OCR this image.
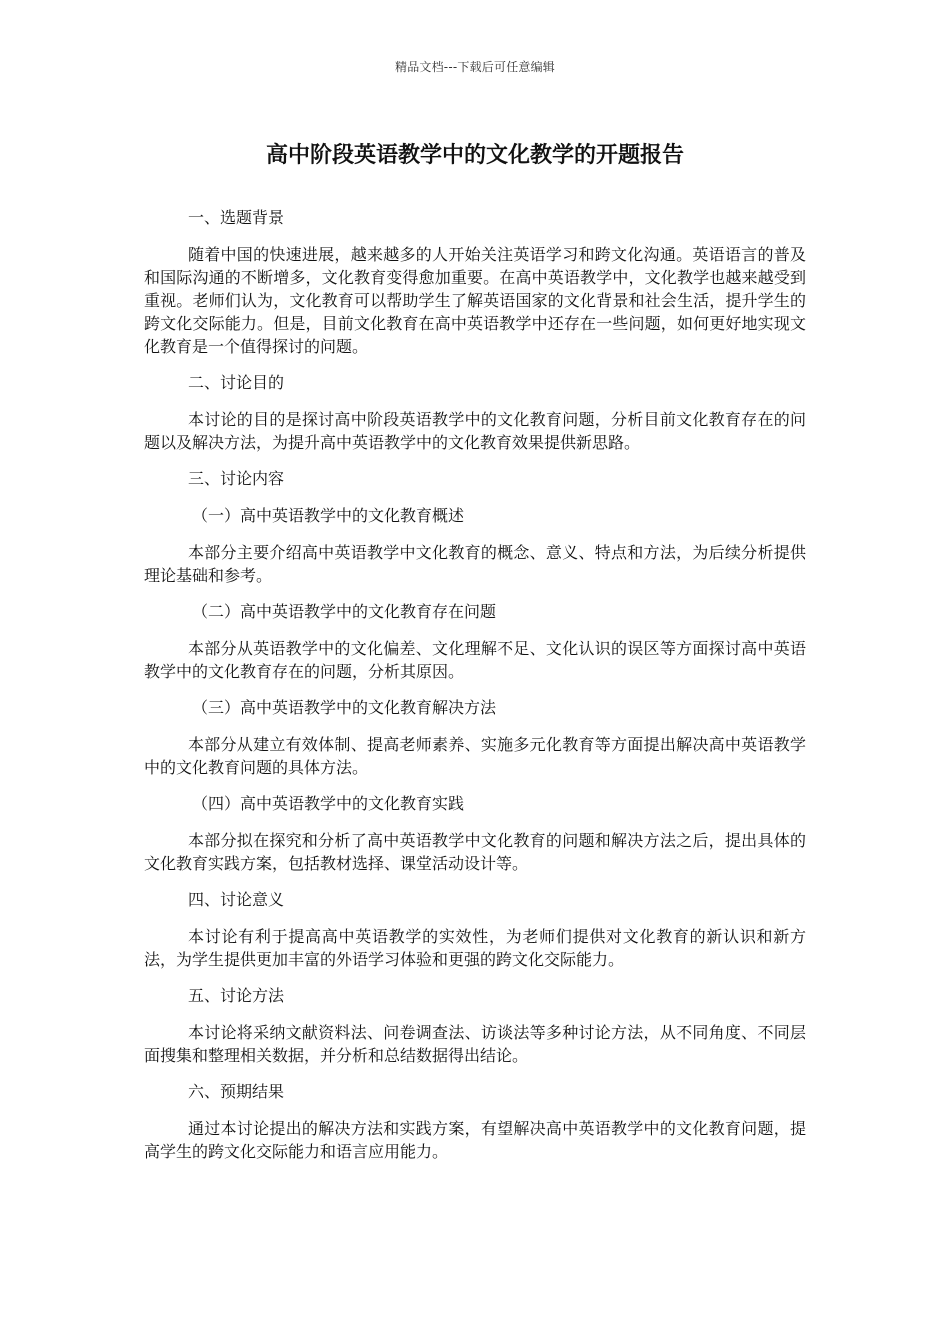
精品文档---下载后可任意编辑
高中阶段英语教学中的文化教学的开题报告

一、选题背景

随着中国的快速进展，越来越多的人开始关注英语学习和跨文化沟通。英语语言的普及和国际沟通的不断增多，文化教育变得愈加重要。在高中英语教学中，文化教学也越来越受到重视。老师们认为，文化教育可以帮助学生了解英语国家的文化背景和社会生活，提升学生的跨文化交际能力。但是，目前文化教育在高中英语教学中还存在一些问题，如何更好地实现文化教育是一个值得探讨的问题。

二、讨论目的

本讨论的目的是探讨高中阶段英语教学中的文化教育问题，分析目前文化教育存在的问题以及解决方法，为提升高中英语教学中的文化教育效果提供新思路。

三、讨论内容

（一）高中英语教学中的文化教育概述

本部分主要介绍高中英语教学中文化教育的概念、意义、特点和方法，为后续分析提供理论基础和参考。

（二）高中英语教学中的文化教育存在问题

本部分从英语教学中的文化偏差、文化理解不足、文化认识的误区等方面探讨高中英语教学中的文化教育存在的问题，分析其原因。

（三）高中英语教学中的文化教育解决方法

本部分从建立有效体制、提高老师素养、实施多元化教育等方面提出解决高中英语教学中的文化教育问题的具体方法。

（四）高中英语教学中的文化教育实践

本部分拟在探究和分析了高中英语教学中文化教育的问题和解决方法之后，提出具体的文化教育实践方案，包括教材选择、课堂活动设计等。

四、讨论意义

本讨论有利于提高高中英语教学的实效性，为老师们提供对文化教育的新认识和新方法，为学生提供更加丰富的外语学习体验和更强的跨文化交际能力。

五、讨论方法

本讨论将采纳文献资料法、问卷调查法、访谈法等多种讨论方法，从不同角度、不同层面搜集和整理相关数据，并分析和总结数据得出结论。

六、预期结果

通过本讨论提出的解决方法和实践方案，有望解决高中英语教学中的文化教育问题，提高学生的跨文化交际能力和语言应用能力。
